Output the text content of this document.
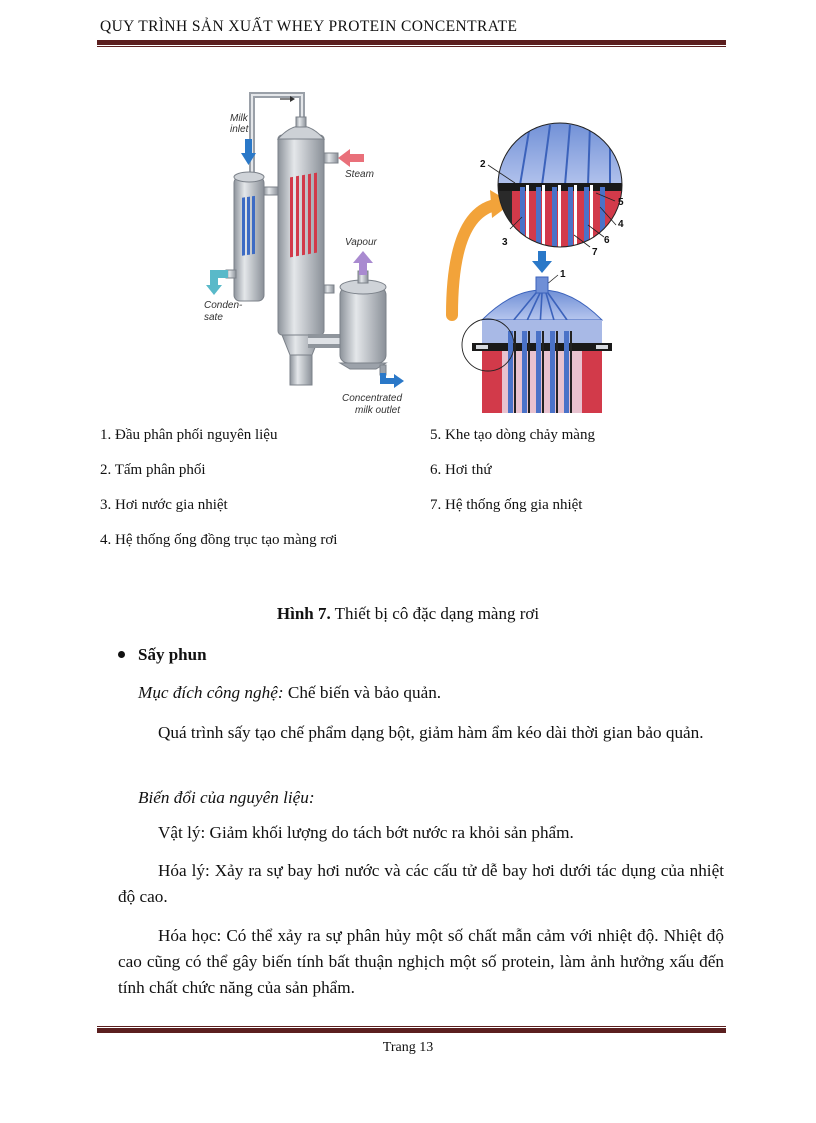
QUY TRÌNH SẢN XUẤT WHEY PROTEIN CONCENTRATE
Milk inlet
Steam
Vapour
Conden- sate
Concentrated milk outlet
2
3
5
4
6
7
1
1. Đầu phân phối nguyên liệu	5. Khe tạo dòng chảy màng
2. Tấm phân phối	6. Hơi thứ
3. Hơi nước gia nhiệt	7. Hệ thống ống gia nhiệt
4. Hệ thống ống đồng trục tạo màng rơi
Hình 7. Thiết bị cô đặc dạng màng rơi
Sấy phun
Mục đích công nghệ: Chế biến và bảo quản.
Quá trình sấy tạo chế phẩm dạng bột, giảm hàm ẩm kéo dài thời gian bảo quản.
Biến đổi của nguyên liệu:
Vật lý: Giảm khối lượng do tách bớt nước ra khỏi sản phẩm.
Hóa lý: Xảy ra sự bay hơi nước và các cấu tử dễ bay hơi dưới tác dụng của nhiệt độ cao.
Hóa học: Có thể xảy ra sự phân hủy một số chất mẫn cảm với nhiệt độ. Nhiệt độ cao cũng có thể gây biến tính bất thuận nghịch một số protein, làm ảnh hưởng xấu đến tính chất chức năng của sản phẩm.
Trang 13
